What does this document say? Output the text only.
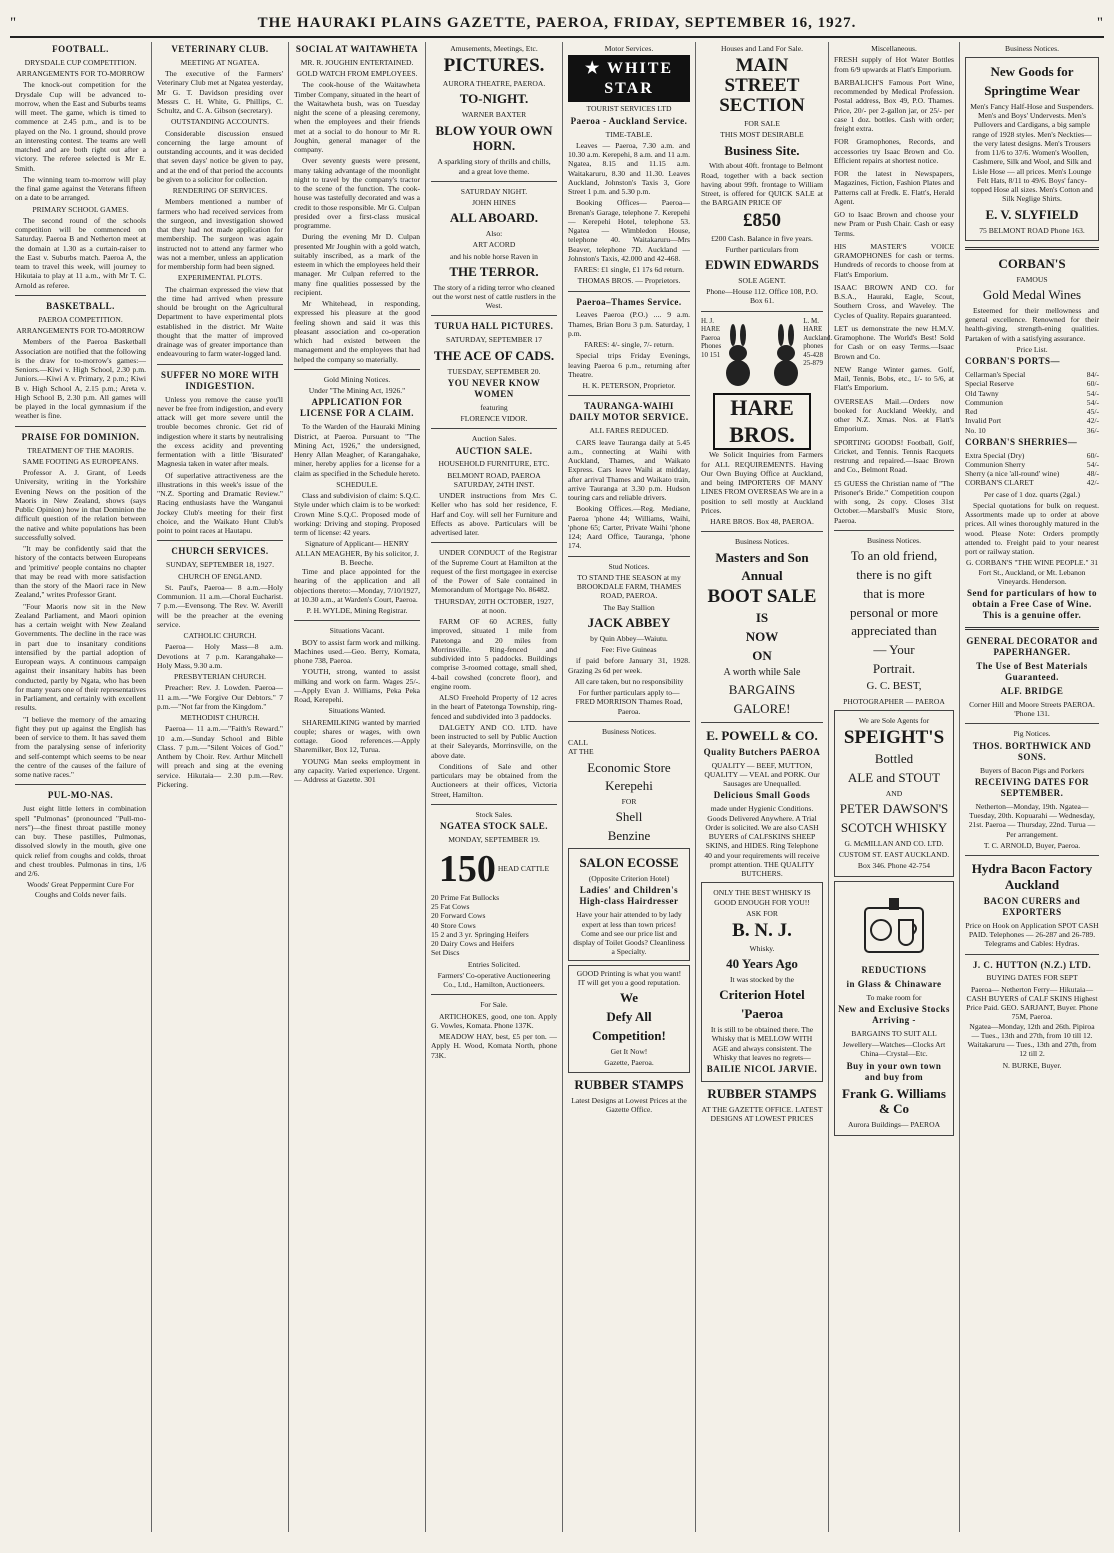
"	THE HAURAKI PLAINS GAZETTE, PAEROA, FRIDAY, SEPTEMBER 16, 1927.	"
FOOTBALL.
DRYSDALE CUP COMPETITION.
ARRANGEMENTS FOR TO-MORROW

The knock-out competition for the Drysdale Cup will be advanced to-morrow, when the East and Suburbs teams will meet. The game, which is timed to commence at 2.45 p.m., and is to be played on the No. 1 ground, should prove an interesting contest. The teams are well matched and are both right out after a victory. The referee selected is Mr E. Smith.

The winning team to-morrow will play the final game against the Veterans fifteen on a date to be arranged.

PRIMARY SCHOOL GAMES.

The second round of the schools competition will be commenced on Saturday. Paeroa B and Netherton meet at the domain at 1.30 as a curtain-raiser to the East v. Suburbs match. Paeroa A, the team to travel this week, will journey to Hikutaia to play at 11 a.m., with Mr T. C. Arnold as referee.

BASKETBALL.
PAEROA COMPETITION.
ARRANGEMENTS FOR TO-MORROW

Members of the Paeroa Basketball Association are notified that the following is the draw for to-morrow's games:— Seniors.—Kiwi v. High School, 2.30 p.m. Juniors.—Kiwi A v. Primary, 2 p.m.; Kiwi B v. High School A, 2.15 p.m.; Areta v. High School B, 2.30 p.m. All games will be played in the local gymnasium if the weather is fine.

PRAISE FOR DOMINION.
TREATMENT OF THE MAORIS.
SAME FOOTING AS EUROPEANS.

Professor A. J. Grant, of Leeds University, writing in the Yorkshire Evening News on the position of the Maoris in New Zealand, shows (says Public Opinion) how in that Dominion the difficult question of the relation between the native and white populations has been successfully solved.

"It may be confidently said that the history of the contacts between Europeans and 'primitive' people contains no chapter that may be read with more satisfaction than the story of the Maori race in New Zealand," writes Professor Grant.

"Four Maoris now sit in the New Zealand Parliament, and Maori opinion has a certain weight with New Zealand Governments. The decline in the race was in part due to insanitary conditions intensified by the partial adoption of European ways. A continuous campaign against their insanitary habits has been conducted, partly by Ngata, who has been for many years one of their representatives in Parliament, and certainly with excellent results.

"I believe the memory of the amazing fight they put up against the English has been of service to them. It has saved them from the paralysing sense of inferiority and self-contempt which seems to be near the centre of the causes of the failure of some native races."

PUL-MO-NAS.

Just eight little letters in combination spell "Pulmonas" (pronounced "Pull-mo-ners")—the finest throat pastille money can buy. These pastilles, Pulmonas, dissolved slowly in the mouth, give one quick relief from coughs and colds, throat and chest troubles. Pulmonas in tins, 1/6 and 2/6.

Woods' Great Peppermint Cure For Coughs and Colds never fails.
VETERINARY CLUB.
MEETING AT NGATEA.

The executive of the Farmers' Veterinary Club met at Ngatea yesterday, Mr G. T. Davidson presiding over Messrs C. H. White, G. Phillips, C. Schultz, and C. A. Gibson (secretary).

OUTSTANDING ACCOUNTS.

Considerable discussion ensued concerning the large amount of outstanding accounts, and it was decided that seven days' notice be given to pay, and at the end of that period the accounts be given to a solicitor for collection.

RENDERING OF SERVICES.

Members mentioned a number of farmers who had received services from the surgeon, and investigation showed that they had not made application for membership. The surgeon was again instructed not to attend any farmer who was not a member, unless an application for membership form had been signed.

EXPERIMENTAL PLOTS.

The chairman expressed the view that the time had arrived when pressure should be brought on the Agricultural Department to have experimental plots established in the district. Mr Waite thought that the matter of improved drainage was of greater importance than endeavouring to farm water-logged land.

SUFFER NO MORE WITH INDIGESTION.

Unless you remove the cause you'll never be free from indigestion, and every attack will get more severe until the trouble becomes chronic. Get rid of indigestion where it starts by neutralising the excess acidity and preventing fermentation with a little 'Bisurated' Magnesia taken in water after meals.

Of superlative attractiveness are the illustrations in this week's issue of the "N.Z. Sporting and Dramatic Review." Racing enthusiasts have the Wanganui Jockey Club's meeting for their first choice, and the Waikato Hunt Club's point to point races at Hautapu.

CHURCH SERVICES.
SUNDAY, SEPTEMBER 18, 1927.
CHURCH OF ENGLAND.

St. Paul's, Paeroa— 8 a.m.—Holy Communion. 11 a.m.—Choral Eucharist. 7 p.m.—Evensong. The Rev. W. Averill will be the preacher at the evening service.

CATHOLIC CHURCH.

Paeroa— Holy Mass—8 a.m. Devotions at 7 p.m. Karangahake— Holy Mass, 9.30 a.m.

PRESBYTERIAN CHURCH.

Preacher: Rev. J. Lowden. Paeroa— 11 a.m.—"We Forgive Our Debtors." 7 p.m.—"Not far from the Kingdom."

METHODIST CHURCH.

Paeroa— 11 a.m.—"Faith's Reward." 10 a.m.—Sunday School and Bible Class. 7 p.m.—"Silent Voices of God." Anthem by Choir. Rev. Arthur Mitchell will preach and sing at the evening service. Hikutaia— 2.30 p.m.—Rev. Pickering.

SOCIAL AT WAITAWHETA
MR. R. JOUGHIN ENTERTAINED.
GOLD WATCH FROM EMPLOYEES.

The cook-house of the Waitawheta Timber Company, situated in the heart of the Waitawheta bush, was on Tuesday night the scene of a pleasing ceremony, when the employees and their friends met at a social to do honour to Mr R. Joughin, general manager of the company.

Over seventy guests were present, many taking advantage of the moonlight night to travel by the company's tractor to the scene of the function. The cook-house was tastefully decorated and was a credit to those responsible. Mr G. Culpan presided over a first-class musical programme.

During the evening Mr D. Culpan presented Mr Joughin with a gold watch, suitably inscribed, as a mark of the esteem in which the employees held their manager. Mr Culpan referred to the many fine qualities possessed by the recipient.

Mr Whitehead, in responding, expressed his pleasure at the good feeling shown and said it was this pleasant association and co-operation which had existed between the management and the employees that had helped the company so materially.

Gold Mining Notices.
Under "The Mining Act, 1926."
APPLICATION FOR LICENSE FOR A CLAIM.

To the Warden of the Hauraki Mining District, at Paeroa. Pursuant to "The Mining Act, 1926," the undersigned, Henry Allan Meagher, of Karangahake, miner, hereby applies for a license for a claim as specified in the Schedule hereto.

SCHEDULE.

Class and subdivision of claim: S.Q.C. Style under which claim is to be worked: Crown Mine S.Q.C. Proposed mode of working: Driving and stoping. Proposed term of license: 42 years.

Signature of Applicant— HENRY ALLAN MEAGHER, By his solicitor, J. B. Beeche.

Time and place appointed for the hearing of the application and all objections thereto:—Monday, 7/10/1927, at 10.30 a.m., at Warden's Court, Paeroa.

P. H. WYLDE, Mining Registrar.
Situations Vacant.

BOY to assist farm work and milking. Machines used.—Geo. Berry, Komata, phone 738, Paeroa.

YOUTH, strong, wanted to assist milking and work on farm. Wages 25/-.—Apply Evan J. Williams, Peka Peka Road, Kerepehi.

Situations Wanted.

SHAREMILKING wanted by married couple; shares or wages, with own cottage. Good references.—Apply Sharemilker, Box 12, Turua.

YOUNG Man seeks employment in any capacity. Varied experience. Urgent. — Address at Gazette. 301

Amusements, Meetings, Etc.
PICTURES.
AURORA THEATRE, PAEROA.
TO-NIGHT.
WARNER BAXTER
BLOW YOUR OWN HORN.
A sparkling story of thrills and chills, and a great love theme.
SATURDAY NIGHT.
JOHN HINES
ALL ABOARD.
Also:
ART ACORD
and his noble horse Raven in
THE TERROR.
The story of a riding terror who cleaned out the worst nest of cattle rustlers in the West.
TURUA HALL PICTURES.
SATURDAY, SEPTEMBER 17
THE ACE OF CADS.
TUESDAY, SEPTEMBER 20.
YOU NEVER KNOW WOMEN
featuring
FLORENCE VIDOR.
Auction Sales.
AUCTION SALE.
HOUSEHOLD FURNITURE, ETC.
BELMONT ROAD, PAEROA SATURDAY, 24TH INST.

UNDER instructions from Mrs C. Keller who has sold her residence, F. Harf and Coy. will sell her Furniture and Effects as above. Particulars will be advertised later.

UNDER CONDUCT of the Registrar of the Supreme Court at Hamilton at the request of the first mortgagee in exercise of the Power of Sale contained in Memorandum of Mortgage No. 86482.

THURSDAY, 20TH OCTOBER, 1927, at noon.

FARM OF 60 ACRES, fully improved, situated 1 mile from Patetonga and 20 miles from Morrinsville. Ring-fenced and subdivided into 5 paddocks. Buildings comprise 3-roomed cottage, small shed, 4-bail cowshed (concrete floor), and engine room.

ALSO Freehold Property of 12 acres in the heart of Patetonga Township, ring-fenced and subdivided into 3 paddocks.

DALGETY AND CO. LTD. have been instructed to sell by Public Auction at their Saleyards, Morrinsville, on the above date.

Conditions of Sale and other particulars may be obtained from the Auctioneers at their offices, Victoria Street, Hamilton.

Stock Sales.
NGATEA STOCK SALE.
MONDAY, SEPTEMBER 19.
150 HEAD CATTLE
20 Prime Fat Bullocks
25 Fat Cows
20 Forward Cows
40 Store Cows
15 2 and 3 yr. Springing Heifers
20 Dairy Cows and Heifers
Set Discs
Entries Solicited.
Farmers' Co-operative Auctioneering Co., Ltd., Hamilton, Auctioneers.
For Sale.

ARTICHOKES, good, one ton. Apply G. Vowles, Komata. Phone 137K.

MEADOW HAY, best, £5 per ton. — Apply H. Wood, Komata North, phone 73K.

Motor Services.
★ WHITE STAR
TOURIST SERVICES LTD
Paeroa - Auckland Service.
TIME-TABLE.

Leaves — Paeroa, 7.30 a.m. and 10.30 a.m. Kerepehi, 8 a.m. and 11 a.m. Ngatea, 8.15 and 11.15 a.m. Waitakaruru, 8.30 and 11.30. Leaves Auckland, Johnston's Taxis 3, Gore Street 1 p.m. and 5.30 p.m.

Booking Offices— Paeroa—Brenan's Garage, telephone 7. Kerepehi — Kerepehi Hotel, telephone 53. Ngatea — Wimbledon House, telephone 40. Waitakaruru—Mrs Beaver, telephone 7D. Auckland — Johnston's Taxis, 42.000 and 42-468.

FARES: £1 single, £1 17s 6d return.
THOMAS BROS. — Proprietors.
Paeroa–Thames Service.

Leaves Paeroa (P.O.) .... 9 a.m. Thames, Brian Boru 3 p.m. Saturday, 1 p.m.

FARES: 4/- single, 7/- return.

Special trips Friday Evenings, leaving Paeroa 6 p.m., returning after Theatre.

H. K. PETERSON, Proprietor.
TAURANGA-WAIHI DAILY MOTOR SERVICE.
ALL FARES REDUCED.

CARS leave Tauranga daily at 5.45 a.m., connecting at Waihi with Auckland, Thames, and Waikato Express. Cars leave Waihi at midday, after arrival Thames and Waikato train, arrive Tauranga at 3.30 p.m. Hudson touring cars and reliable drivers.

Booking Offices.—Reg. Mediane, Paeroa 'phone 44; Williams, Waihi, 'phone 65; Carter, Private Waihi 'phone 124; Aard Office, Tauranga, 'phone 174.

Stud Notices.
TO STAND THE SEASON at my BROOKDALE FARM, THAMES ROAD, PAEROA.
The Bay Stallion
JACK ABBEY
by Quin Abbey—Waiutu.
Fee: Five Guineas

if paid before January 31, 1928. Grazing 2s 6d per week.

All care taken, but no responsibility
For further particulars apply to— FRED MORRISON Thames Road, Paeroa.
Business Notices.
CALL
AT THE
Economic Store
Kerepehi
FOR
Shell
Benzine
SALON ECOSSE
(Opposite Criterion Hotel)
Ladies' and Children's High-class Hairdresser
Have your hair attended to by lady expert at less than town prices! Come and see our price list and display of Toilet Goods? Cleanliness a Specialty.
GOOD Printing is what you want!
IT will get you a good reputation.
We
Defy All
Competition!
Get It Now!
Gazette, Paeroa.
RUBBER STAMPS
Latest Designs at Lowest Prices at the Gazette Office.
Houses and Land For Sale.
MAIN STREET SECTION
FOR SALE
THIS MOST DESIRABLE
Business Site.

With about 40ft. frontage to Belmont Road, together with a back section having about 99ft. frontage to William Street, is offered for QUICK SALE at the BARGAIN PRICE OF

£850
£200 Cash. Balance in five years.
Further particulars from
EDWIN EDWARDS
SOLE AGENT.
Phone—House 112. Office 108, P.O. Box 61.
H. J. HARE Paeroa Phones 10 151
L. M. HARE Auckland. phones 45-428 25-879
HARE BROS.

We Solicit Inquiries from Farmers for ALL REQUIREMENTS. Having Our Own Buying Office at Auckland, and being IMPORTERS OF MANY LINES FROM OVERSEAS We are in a position to sell mostly at Auckland Prices.

HARE BROS. Box 48, PAEROA.
Business Notices.
Masters and Son
Annual
BOOT SALE
IS
NOW
ON
A worth while Sale
BARGAINS
GALORE!
E. POWELL & CO.
Quality Butchers PAEROA
QUALITY — BEEF, MUTTON, QUALITY — VEAL and PORK. Our Sausages are Unequalled.
Delicious Small Goods
made under Hygienic Conditions. Goods Delivered Anywhere. A Trial Order is solicited. We are also CASH BUYERS of CALFSKINS SHEEP SKINS, and HIDES. Ring Telephone 40 and your requirements will receive prompt attention. THE QUALITY BUTCHERS.
ONLY THE BEST WHISKY IS GOOD ENOUGH FOR YOU!!
ASK FOR
B. N. J.
Whisky.
40 Years Ago
It was stocked by the
Criterion Hotel
'Paeroa
It is still to be obtained there. The Whisky that is MELLOW WITH AGE and always consistent. The Whisky that leaves no regrets—
BAILIE NICOL JARVIE.
RUBBER STAMPS
AT THE GAZETTE OFFICE. LATEST DESIGNS AT LOWEST PRICES
Miscellaneous.

FRESH supply of Hot Water Bottles from 6/9 upwards at Flatt's Emporium.

BARBALICH'S Famous Port Wine, recommended by Medical Profession. Postal address, Box 49, P.O. Thames. Price, 20/- per 2-gallon jar, or 25/- per case 1 doz. bottles. Cash with order; freight extra.

FOR Gramophones, Records, and accessories try Isaac Brown and Co. Efficient repairs at shortest notice.

FOR the latest in Newspapers, Magazines, Fiction, Fashion Plates and Patterns call at Fredk. E. Flatt's, Herald Agent.

GO to Isaac Brown and choose your new Pram or Push Chair. Cash or easy Terms.

HIS MASTER'S VOICE GRAMOPHONES for cash or terms. Hundreds of records to choose from at Flatt's Emporium.

ISAAC BROWN AND CO. for B.S.A., Hauraki, Eagle, Scout, Southern Cross, and Waveley. The Cycles of Quality. Repairs guaranteed.

LET us demonstrate the new H.M.V. Gramophone. The World's Best! Sold for Cash or on easy Terms.—Isaac Brown and Co.

NEW Range Winter games. Golf, Mail, Tennis, Bobs, etc., 1/- to 5/6, at Flatt's Emporium.

OVERSEAS Mail.—Orders now booked for Auckland Weekly, and other N.Z. Xmas. Nos. at Flatt's Emporium.

SPORTING GOODS! Football, Golf, Cricket, and Tennis. Tennis Racquets restrung and repaired.—Isaac Brown and Co., Belmont Road.

£5 GUESS the Christian name of "The Prisoner's Bride." Competition coupon with song, 2s copy. Closes 31st October.—Marsball's Music Store, Paeroa.

Business Notices.
To an old friend,
there is no gift
that is more
personal or more
appreciated than
— Your
Portrait.
G. C. BEST,
PHOTOGRAPHER — PAEROA
We are Sole Agents for
SPEIGHT'S
Bottled
ALE and STOUT
AND
PETER DAWSON'S
SCOTCH WHISKY
G. McMILLAN AND CO. LTD.
CUSTOM ST. EAST AUCKLAND.
Box 346. Phone 42-754
REDUCTIONS
in Glass & Chinaware
To make room for
New and Exclusive Stocks Arriving -
BARGAINS TO SUIT ALL
Jewellery—Watches—Clocks Art China—Crystal—Etc.
Buy in your own town and buy from
Frank G. Williams & Co
Aurora Buildings— PAEROA
Business Notices.
New Goods for
Springtime Wear
Men's Fancy Half-Hose and Suspenders. Men's and Boys' Undervests. Men's Pullovers and Cardigans, a big sample range of 1928 styles. Men's Neckties—the very latest designs. Men's Trousers from 11/6 to 37/6. Women's Woollen, Cashmere, Silk and Wool, and Silk and Lisle Hose — all prices. Men's Lounge Felt Hats, 8/11 to 49/6. Boys' fancy-topped Hose all sizes. Men's Cotton and Silk Neglige Shirts.
E. V. SLYFIELD
75 BELMONT ROAD Phone 163.
CORBAN'S
FAMOUS
Gold Medal Wines

Esteemed for their mellowness and general excellence. Renowned for their health-giving, strength-ening qualities. Partaken of with a satisfying assurance.

Price List.
CORBAN'S PORTS—
Cellarman's Special	84/-
Special Reserve	60/-
Old Tawny	54/-
Communion	54/-
Red	45/-
Invalid Port	42/-
No. 10	36/-
CORBAN'S SHERRIES—
Extra Special (Dry)	60/-
Communion Sherry	54/-
Sherry (a nice 'all-round' wine)	48/-
CORBAN'S CLARET	42/-
Per case of 1 doz. quarts (2gal.)

Special quotations for bulk on request. Assortments made up to order at above prices. All wines thoroughly matured in the wood. Please Note: Orders promptly attended to. Freight paid to your nearest port or railway station.

G. CORBAN'S "THE WINE PEOPLE." 31 Fort St., Auckland, or Mt. Lebanon Vineyards. Henderson.
Send for particulars of how to obtain a Free Case of Wine. This is a genuine offer.
GENERAL DECORATOR and PAPERHANGER.
The Use of Best Materials Guaranteed.
ALF. BRIDGE
Corner Hill and Moore Streets PAEROA. 'Phone 131.
Pig Notices.
THOS. BORTHWICK AND SONS.
Buyers of Bacon Pigs and Porkers
RECEIVING DATES FOR SEPTEMBER.
Netherton—Monday, 19th. Ngatea—Tuesday, 20th. Kopuarahi — Wednesday, 21st. Paeroa — Thursday, 22nd. Turua — Per arrangement.
T. C. ARNOLD, Buyer, Paeroa.
Hydra Bacon Factory Auckland
BACON CURERS and EXPORTERS
Price on Hook on Application SPOT CASH PAID. Telephones — 26-287 and 26-789. Telegrams and Cables: Hydras.
J. C. HUTTON (N.Z.) LTD.
BUYING DATES FOR SEPT
Paeroa— Netherton Ferry— Hikutaia— CASH BUYERS of CALF SKINS Highest Price Paid. GEO. SARJANT, Buyer. Phone 75M, Paeroa.
Ngatea—Monday, 12th and 26th. Pipiroa — Tues., 13th and 27th, from 10 till 12. Waitakaruru — Tues., 13th and 27th, from 12 till 2.
N. BURKE, Buyer.
